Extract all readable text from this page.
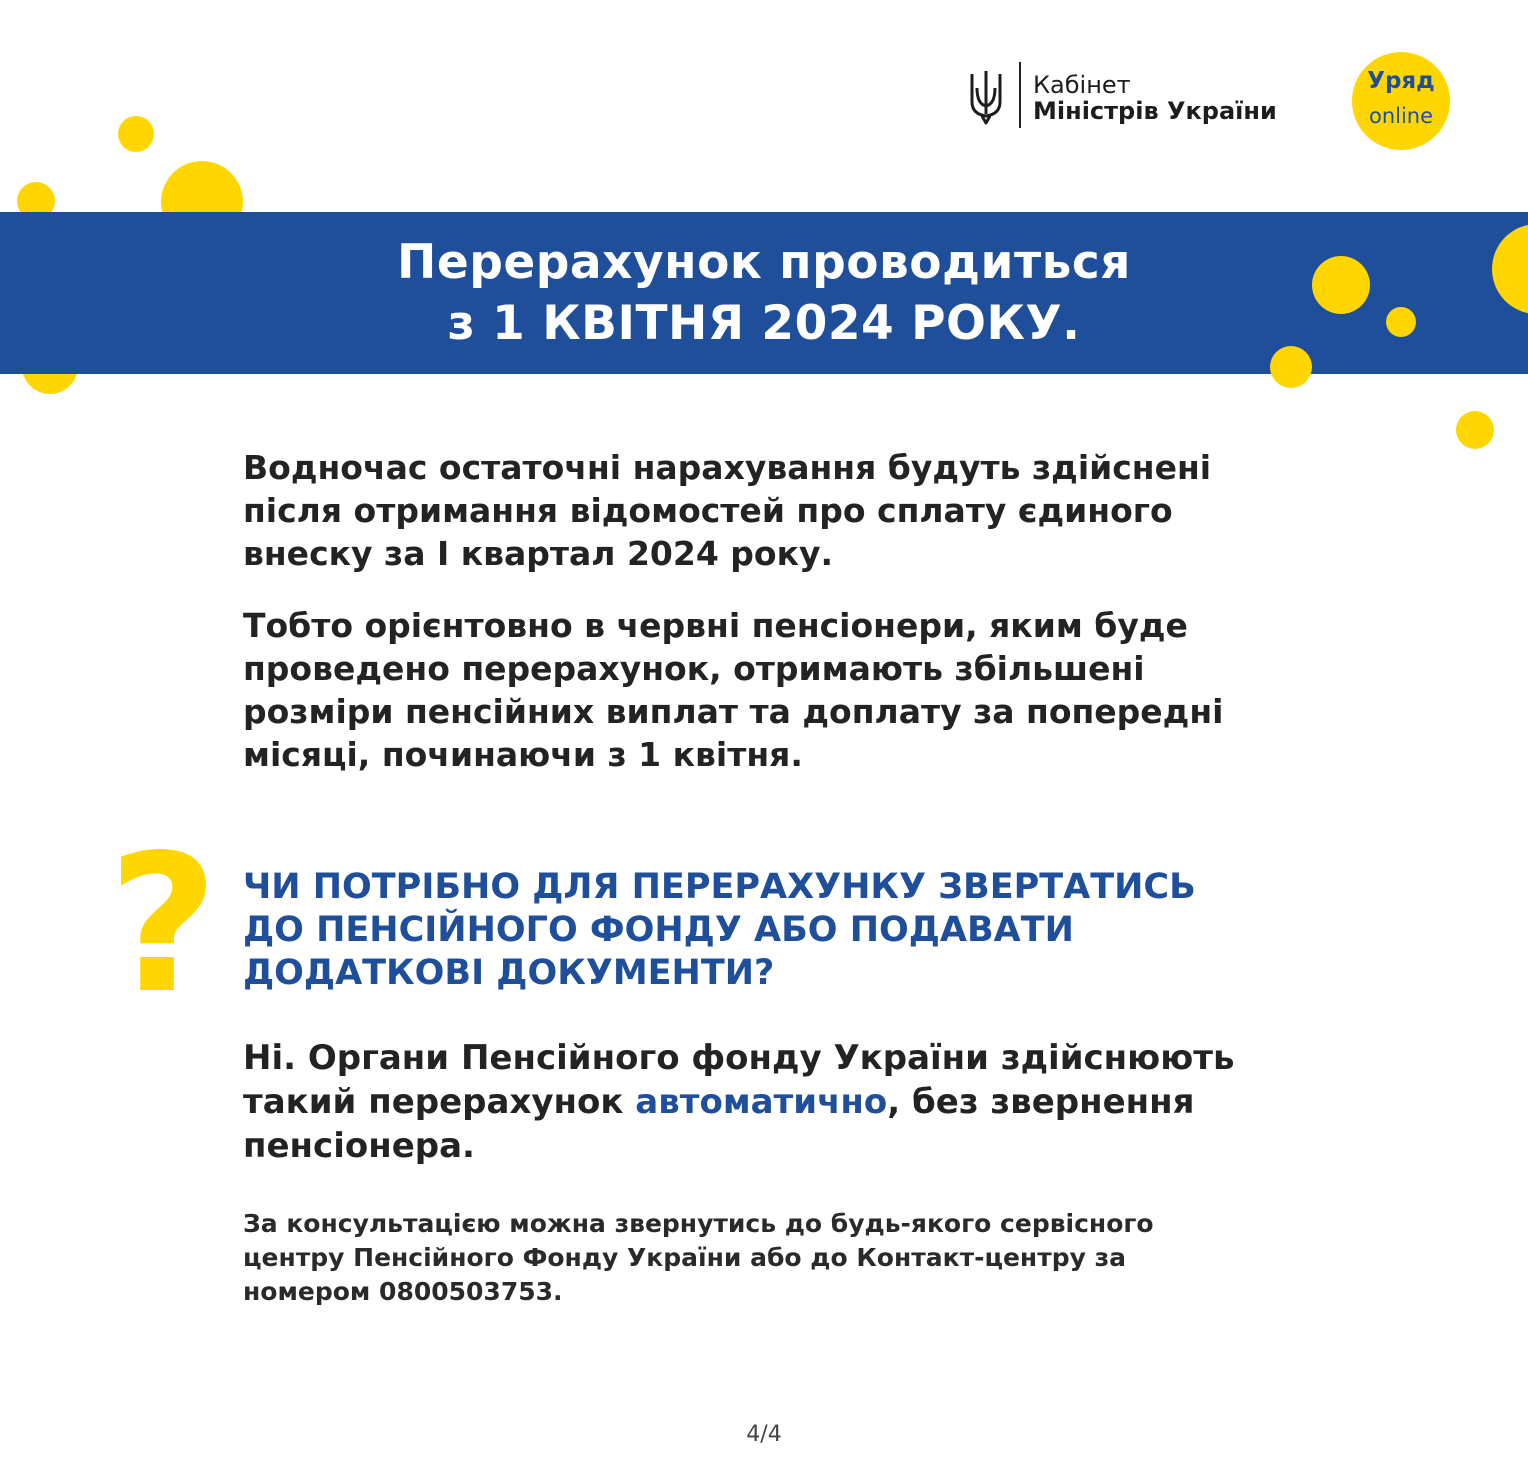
Перерахунок проводиться
з 1 КВІТНЯ 2024 РОКУ.
Кабінет
Міністрів України
Уряд
online

Водночас остаточні нарахування будуть здійснені
після отримання відомостей про сплату єдиного
внеску за I квартал 2024 року.

Тобто орієнтовно в червні пенсіонери, яким буде
проведено перерахунок, отримають збільшені
розміри пенсійних виплат та доплату за попередні
місяці, починаючи з 1 квітня.

? ЧИ ПОТРІБНО ДЛЯ ПЕРЕРАХУНКУ ЗВЕРТАТИСЬ
ДО ПЕНСІЙНОГО ФОНДУ АБО ПОДАВАТИ
ДОДАТКОВІ ДОКУМЕНТИ?

Ні. Органи Пенсійного фонду України здійснюють
такий перерахунок автоматично, без звернення
пенсіонера.

За консультацією можна звернутись до будь-якого сервісного
центру Пенсійного Фонду України або до Контакт-центру за
номером 0800503753.

4/4
